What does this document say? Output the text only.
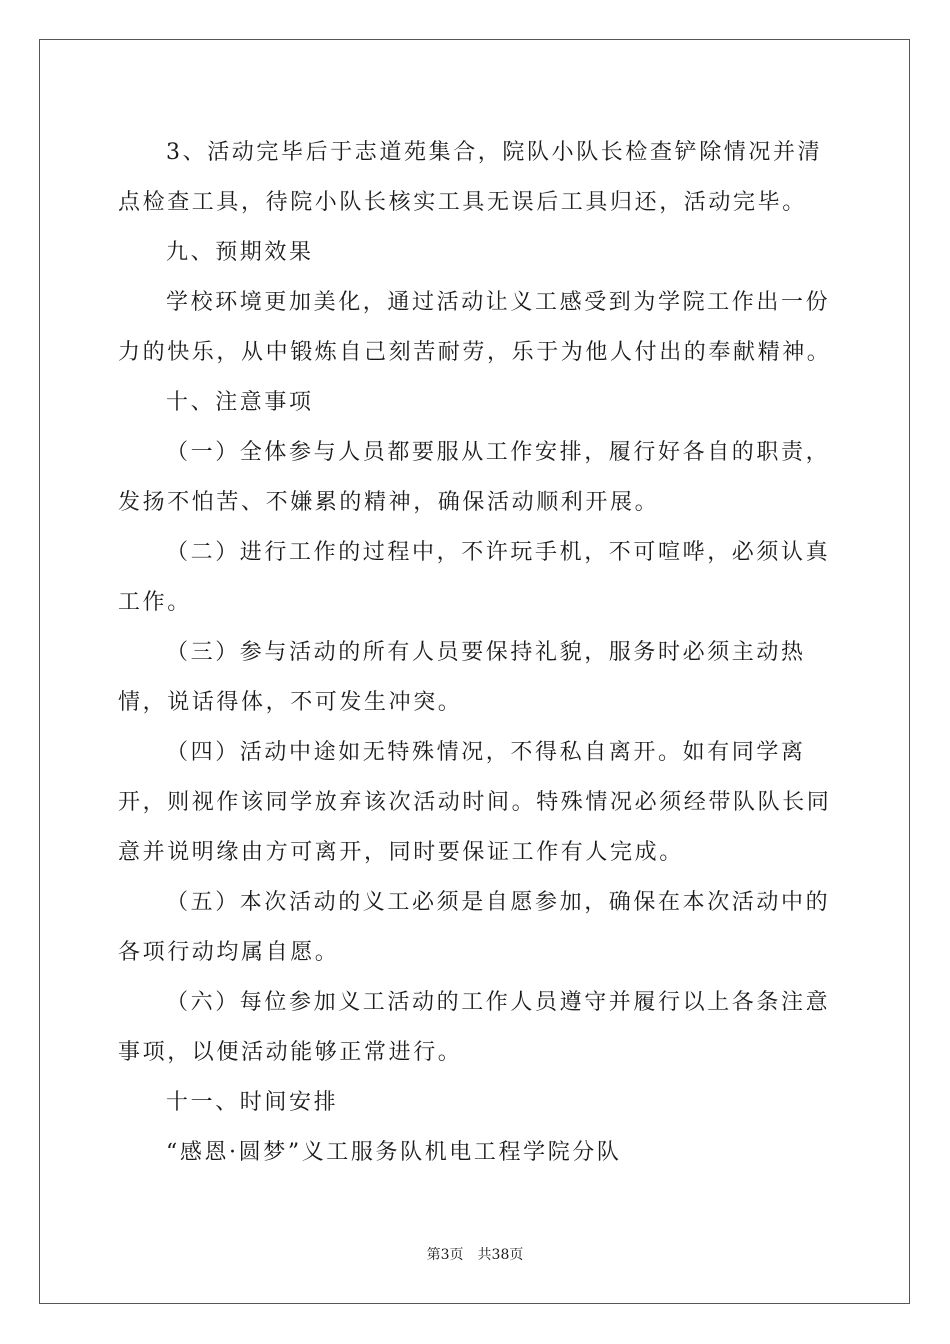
3、活动完毕后于志道苑集合，院队小队长检查铲除情况并清点检查工具，待院小队长核实工具无误后工具归还，活动完毕。

九、预期效果

学校环境更加美化，通过活动让义工感受到为学院工作出一份力的快乐，从中锻炼自己刻苦耐劳，乐于为他人付出的奉献精神。

十、注意事项

（一）全体参与人员都要服从工作安排，履行好各自的职责，发扬不怕苦、不嫌累的精神，确保活动顺利开展。

（二）进行工作的过程中，不许玩手机，不可喧哗，必须认真工作。

（三）参与活动的所有人员要保持礼貌，服务时必须主动热情，说话得体，不可发生冲突。

（四）活动中途如无特殊情况，不得私自离开。如有同学离开，则视作该同学放弃该次活动时间。特殊情况必须经带队队长同意并说明缘由方可离开，同时要保证工作有人完成。

（五）本次活动的义工必须是自愿参加，确保在本次活动中的各项行动均属自愿。

（六）每位参加义工活动的工作人员遵守并履行以上各条注意事项，以便活动能够正常进行。

十一、时间安排

“感恩·圆梦”义工服务队机电工程学院分队

第3页 共38页
